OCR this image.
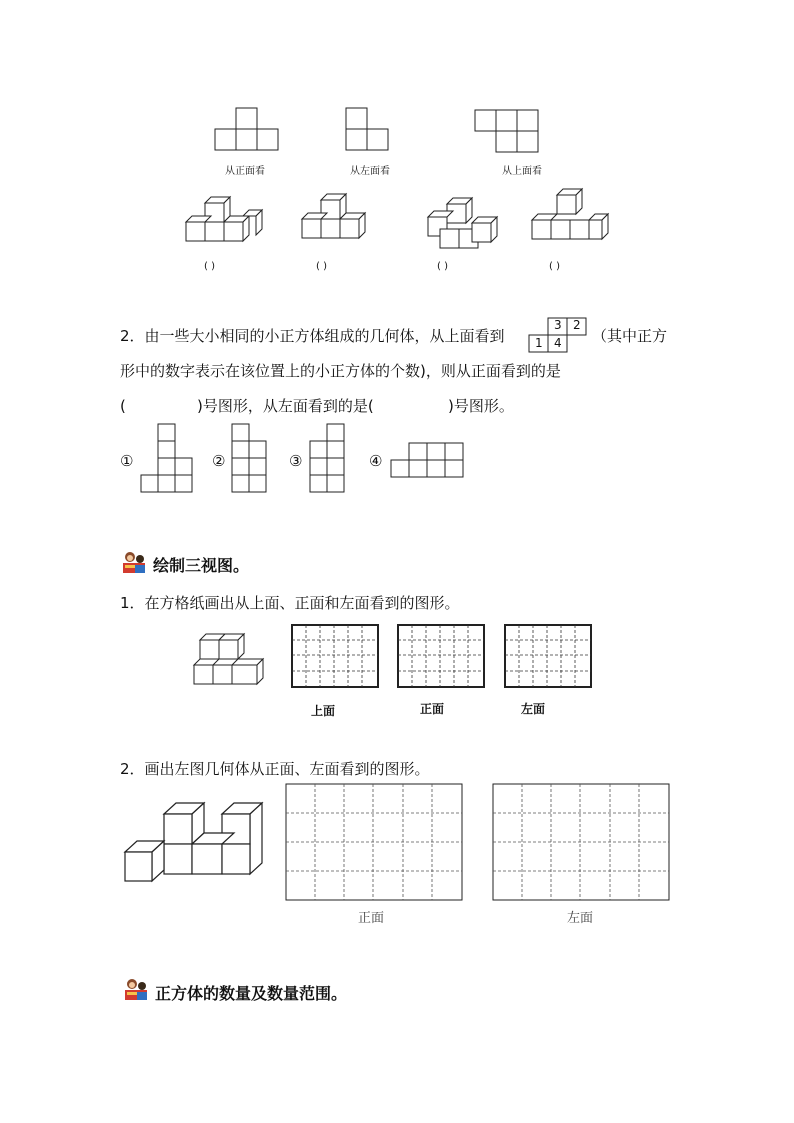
从正面看	从左面看	从上面看
( )	( )	( )	( )
2．由一些大小相同的小正方体组成的几何体，从上面看到
3 2
1 4 （其中正方
形中的数字表示在该位置上的小正方体的个数)，则从正面看到的是
(	)号图形，从左面看到的是(	)号图形。
①	②	③	④
绘制三视图。
1．在方格纸画出从上面、正面和左面看到的图形。
上面	正面	左面
2．画出左图几何体从正面、左面看到的图形。
正面	左面
正方体的数量及数量范围。
